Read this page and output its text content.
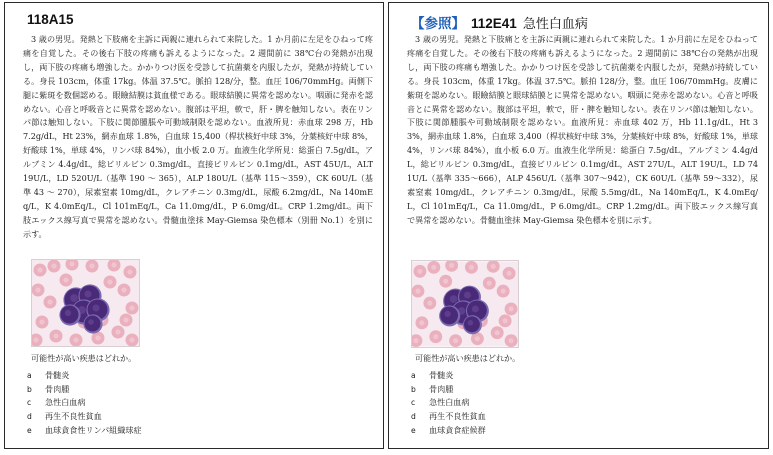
118A15
3 歳の男児。発熱と下肢痛を主訴に両親に連れられて来院した。1 か月前に左足をひねって疼痛を自覚した。その後右下肢の疼痛も訴えるようになった。2 週間前に 38℃台の発熱が出現し，両下肢の疼痛も増強した。かかりつけ医を受診して抗菌薬を内服したが，発熱が持続している。身長 103cm，体重 17kg。体温 37.5℃。脈拍 128/分，整。血圧 106/70mmHg。両側下腿に紫斑を数個認める。眼瞼結膜は貧血様である。眼球結膜に異常を認めない。咽頭に発赤を認めない。心音と呼吸音とに異常を認めない。腹部は平坦，軟で，肝・脾を触知しない。表在リンパ節は触知しない。下肢に関節腫脹や可動域制限を認めない。血液所見：赤血球 298 万，Hb 7.2g/dL，Ht 23%，網赤血球 1.8%，白血球 15,400（桿状核好中球 3%，分葉核好中球 8%，好酸球 1%，単球 4%，リンパ球 84%），血小板 2.0 万。血液生化学所見：総蛋白 7.5g/dL，アルブミン 4.4g/dL，総ビリルビン 0.3mg/dL，直接ビリルビン 0.1mg/dL，AST 45U/L，ALT 19U/L，LD 520U/L（基準 190 ～ 365），ALP 180U/L（基準 115～359），CK 60U/L（基準 43 ～ 270），尿素窒素 10mg/dL，クレアチニン 0.3mg/dL，尿酸 6.2mg/dL，Na 140mEq/L，K 4.0mEq/L，Cl 101mEq/L，Ca 11.0mg/dL，P 6.0mg/dL。CRP 1.2mg/dL。両下肢エックス線写真で異常を認めない。骨髄血塗抹 May-Giemsa 染色標本（別冊 No.1）を別に示す。
可能性が高い疾患はどれか。
a	骨髄炎
b	骨肉腫
c	急性白血病
d	再生不良性貧血
e	血球貪食性リンパ組織球症
【参照】 112E41 急性白血病
3 歳の男児。発熱と下肢痛とを主訴に両親に連れられて来院した。1 か月前に左足をひねって疼痛を自覚した。その後右下肢の疼痛も訴えるようになった。2 週間前に 38℃台の発熱が出現し，両下肢の疼痛も増強した。かかりつけ医を受診して抗菌薬を内服したが，発熱が持続している。身長 103cm，体重 17kg。体温 37.5℃。脈拍 128/分，整。血圧 106/70mmHg。皮膚に紫斑を認めない。眼瞼結膜と眼球結膜とに異常を認めない。咽頭に発赤を認めない。心音と呼吸音とに異常を認めない。腹部は平坦，軟で，肝・脾を触知しない。表在リンパ節は触知しない。下肢に関節腫脹や可動域制限を認めない。血液所見：赤血球 402 万，Hb 11.1g/dL，Ht 33%，網赤血球 1.8%，白血球 3,400（桿状核好中球 3%，分葉核好中球 8%，好酸球 1%，単球 4%，リンパ球 84%），血小板 6.0 万。血液生化学所見：総蛋白 7.5g/dL，アルブミン 4.4g/dL，総ビリルビン 0.3mg/dL，直接ビリルビン 0.1mg/dL，AST 27U/L，ALT 19U/L，LD 741U/L（基準 335～666），ALP 456U/L（基準 307～942），CK 60U/L（基準 59～332），尿素窒素 10mg/dL，クレアチニン 0.3mg/dL，尿酸 5.5mg/dL，Na 140mEq/L，K 4.0mEq/L，Cl 101mEq/L，Ca 11.0mg/dL，P 6.0mg/dL。CRP 1.2mg/dL。両下肢エックス線写真で異常を認めない。骨髄血塗抹 May-Giemsa 染色標本を別に示す。
可能性が高い疾患はどれか。
a	骨髄炎
b	骨肉腫
c	急性白血病
d	再生不良性貧血
e	血球貪食症候群
